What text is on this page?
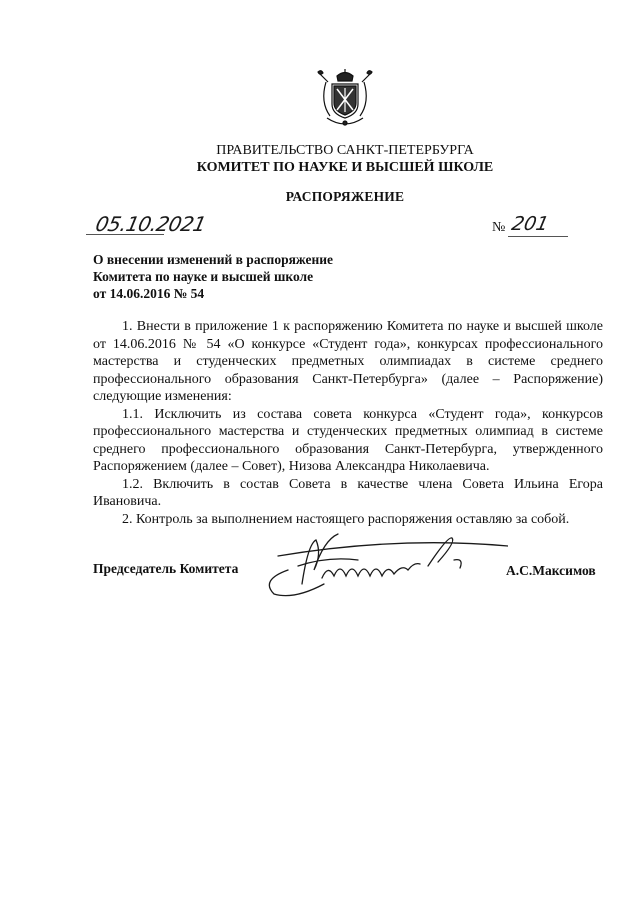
ПРАВИТЕЛЬСТВО САНКТ-ПЕТЕРБУРГА
КОМИТЕТ ПО НАУКЕ И ВЫСШЕЙ ШКОЛЕ
РАСПОРЯЖЕНИЕ
05.10.2021	№ 201
О внесении изменений в распоряжение
Комитета по науке и высшей школе
от 14.06.2016 № 54

1. Внести в приложение 1 к распоряжению Комитета по науке и высшей школе от 14.06.2016 № 54 «О конкурсе «Студент года», конкурсах профессионального мастерства и студенческих предметных олимпиадах в системе среднего профессионального образования Санкт-Петербурга» (далее – Распоряжение) следующие изменения:

1.1. Исключить из состава совета конкурса «Студент года», конкурсов профессионального мастерства и студенческих предметных олимпиад в системе среднего профессионального образования Санкт-Петербурга, утвержденного Распоряжением (далее – Совет), Низова Александра Николаевича.

1.2. Включить в состав Совета в качестве члена Совета Ильина Егора Ивановича.

2. Контроль за выполнением настоящего распоряжения оставляю за собой.

Председатель Комитета	А.С.Максимов
